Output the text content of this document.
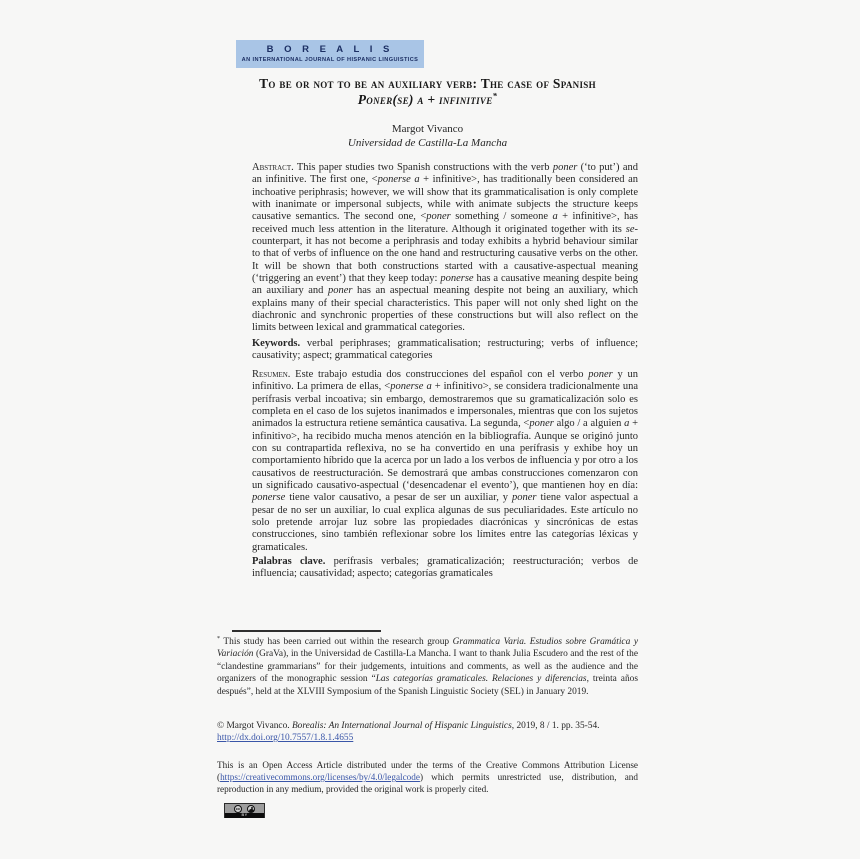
B O R E A L I S
AN INTERNATIONAL JOURNAL OF HISPANIC LINGUISTICS
To be or not to be an auxiliary verb: The case of Spanish
Poner(se) a + infinitive*
Margot Vivanco
Universidad de Castilla-La Mancha

Abstract. This paper studies two Spanish constructions with the verb poner (‘to put’) and an infinitive. The first one, <ponerse a + infinitive>, has traditionally been considered an inchoative periphrasis; however, we will show that its grammaticalisation is only complete with inanimate or impersonal subjects, while with animate subjects the structure keeps causative semantics. The second one, <poner something / someone a + infinitive>, has received much less attention in the literature. Although it originated together with its se-counterpart, it has not become a periphrasis and today exhibits a hybrid behaviour similar to that of verbs of influence on the one hand and restructuring causative verbs on the other. It will be shown that both constructions started with a causative-aspectual meaning (‘triggering an event’) that they keep today: ponerse has a causative meaning despite being an auxiliary and poner has an aspectual meaning despite not being an auxiliary, which explains many of their special characteristics. This paper will not only shed light on the diachronic and synchronic properties of these constructions but will also reflect on the limits between lexical and grammatical categories.

Keywords. verbal periphrases; grammaticalisation; restructuring; verbs of influence; causativity; aspect; grammatical categories

Resumen. Este trabajo estudia dos construcciones del español con el verbo poner y un infinitivo. La primera de ellas, <ponerse a + infinitivo>, se considera tradicionalmente una perífrasis verbal incoativa; sin embargo, demostraremos que su gramaticalización solo es completa en el caso de los sujetos inanimados e impersonales, mientras que con los sujetos animados la estructura retiene semántica causativa. La segunda, <poner algo / a alguien a + infinitivo>, ha recibido mucha menos atención en la bibliografía. Aunque se originó junto con su contrapartida reflexiva, no se ha convertido en una perífrasis y exhibe hoy un comportamiento híbrido que la acerca por un lado a los verbos de influencia y por otro a los causativos de reestructuración. Se demostrará que ambas construcciones comenzaron con un significado causativo-aspectual (‘desencadenar el evento’), que mantienen hoy en día: ponerse tiene valor causativo, a pesar de ser un auxiliar, y poner tiene valor aspectual a pesar de no ser un auxiliar, lo cual explica algunas de sus peculiaridades. Este artículo no solo pretende arrojar luz sobre las propiedades diacrónicas y sincrónicas de estas construcciones, sino también reflexionar sobre los límites entre las categorías léxicas y gramaticales.

Palabras clave. perífrasis verbales; gramaticalización; reestructuración; verbos de influencia; causatividad; aspecto; categorías gramaticales

* This study has been carried out within the research group Grammatica Varia. Estudios sobre Gramática y Variación (GraVa), in the Universidad de Castilla-La Mancha. I want to thank Julia Escudero and the rest of the “clandestine grammarians” for their judgements, intuitions and comments, as well as the audience and the organizers of the monographic session “Las categorías gramaticales. Relaciones y diferencias, treinta años después”, held at the XLVIII Symposium of the Spanish Linguistic Society (SEL) in January 2019.

© Margot Vivanco. Borealis: An International Journal of Hispanic Linguistics, 2019, 8 / 1. pp. 35-54.
http://dx.doi.org/10.7557/1.8.1.4655

This is an Open Access Article distributed under the terms of the Creative Commons Attribution License (https://creativecommons.org/licenses/by/4.0/legalcode) which permits unrestricted use, distribution, and reproduction in any medium, provided the original work is properly cited.

cc
BY
